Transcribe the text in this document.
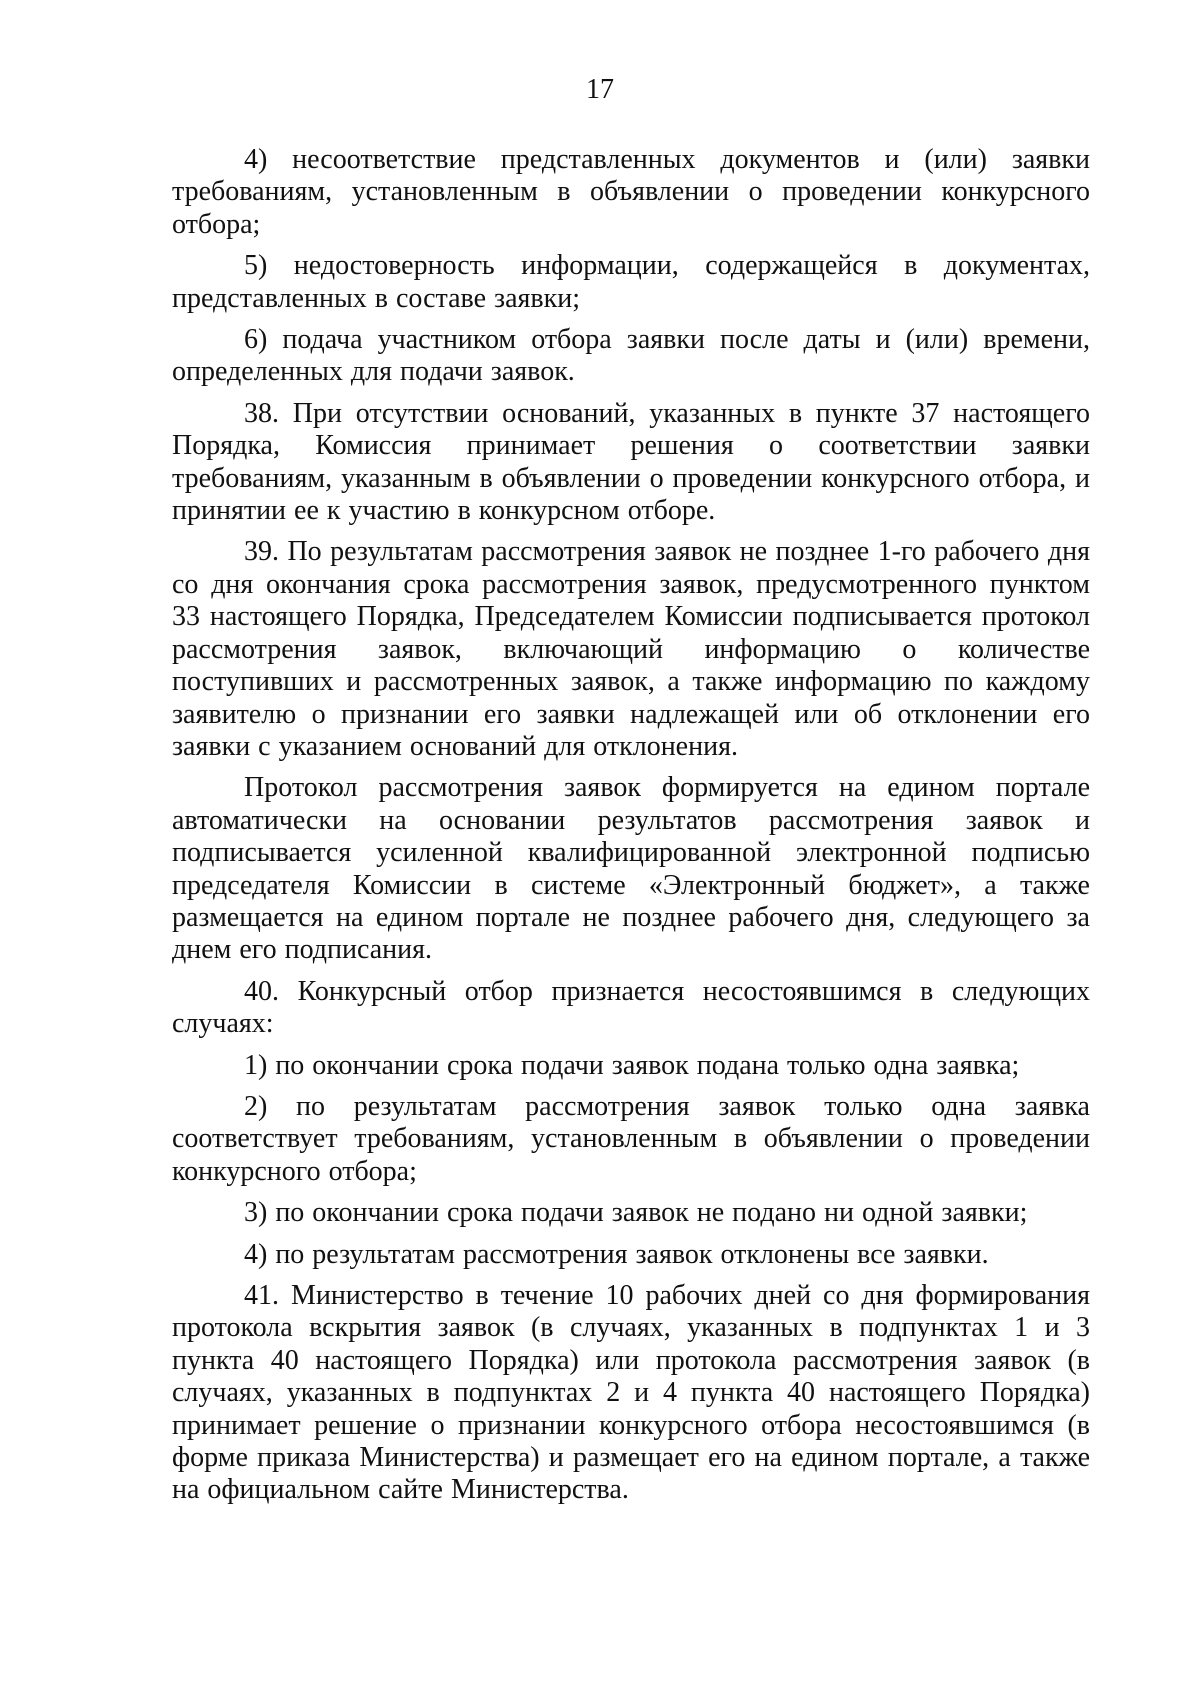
17

4) несоответствие представленных документов и (или) заявки требованиям, установленным в объявлении о проведении конкурсного отбора;

5) недостоверность информации, содержащейся в документах, представленных в составе заявки;

6) подача участником отбора заявки после даты и (или) времени, определенных для подачи заявок.

38. При отсутствии оснований, указанных в пункте 37 настоящего Порядка, Комиссия принимает решения о соответствии заявки требованиям, указанным в объявлении о проведении конкурсного отбора, и принятии ее к участию в конкурсном отборе.

39. По результатам рассмотрения заявок не позднее 1-го рабочего дня со дня окончания срока рассмотрения заявок, предусмотренного пунктом 33 настоящего Порядка, Председателем Комиссии подписывается протокол рассмотрения заявок, включающий информацию о количестве поступивших и рассмотренных заявок, а также информацию по каждому заявителю о признании его заявки надлежащей или об отклонении его заявки с указанием оснований для отклонения.

Протокол рассмотрения заявок формируется на едином портале автоматически на основании результатов рассмотрения заявок и подписывается усиленной квалифицированной электронной подписью председателя Комиссии в системе «Электронный бюджет», а также размещается на едином портале не позднее рабочего дня, следующего за днем его подписания.

40. Конкурсный отбор признается несостоявшимся в следующих случаях:

1) по окончании срока подачи заявок подана только одна заявка;

2) по результатам рассмотрения заявок только одна заявка соответствует требованиям, установленным в объявлении о проведении конкурсного отбора;

3) по окончании срока подачи заявок не подано ни одной заявки;

4) по результатам рассмотрения заявок отклонены все заявки.

41. Министерство в течение 10 рабочих дней со дня формирования протокола вскрытия заявок (в случаях, указанных в подпунктах 1 и 3 пункта 40 настоящего Порядка) или протокола рассмотрения заявок (в случаях, указанных в подпунктах 2 и 4 пункта 40 настоящего Порядка) принимает решение о признании конкурсного отбора несостоявшимся (в форме приказа Министерства) и размещает его на едином портале, а также на официальном сайте Министерства.
